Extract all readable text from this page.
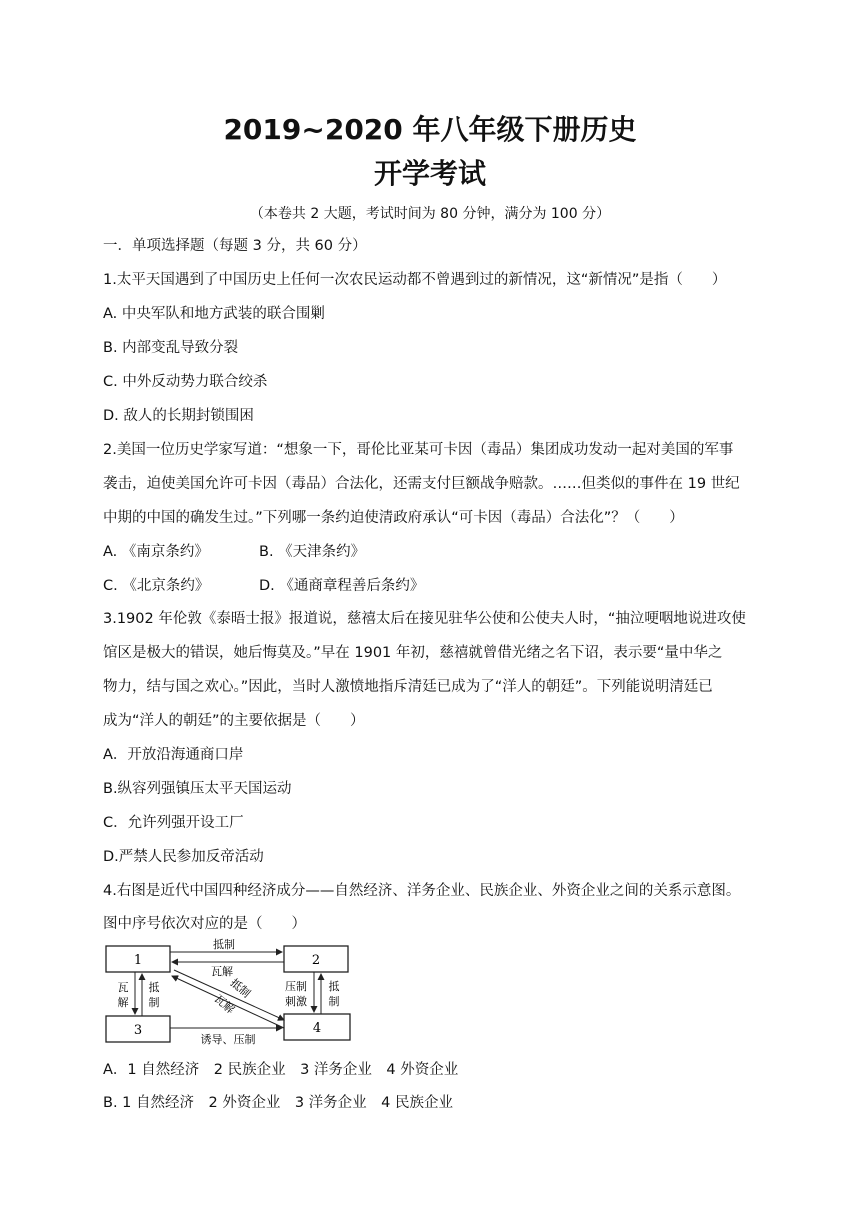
2019~2020 年八年级下册历史
开学考试
（本卷共 2 大题，考试时间为 80 分钟，满分为 100 分）
一．单项选择题（每题 3 分，共 60 分）
1.太平天国遇到了中国历史上任何一次农民运动都不曾遇到过的新情况，这“新情况”是指（　　）
A. 中央军队和地方武装的联合围剿
B. 内部变乱导致分裂
C. 中外反动势力联合绞杀
D. 敌人的长期封锁围困
2.美国一位历史学家写道：“想象一下，哥伦比亚某可卡因（毒品）集团成功发动一起对美国的军事
袭击，迫使美国允许可卡因（毒品）合法化，还需支付巨额战争赔款。……但类似的事件在 19 世纪
中期的中国的确发生过。”下列哪一条约迫使清政府承认“可卡因（毒品）合法化”？（　　）
A. 《南京条约》	B. 《天津条约》
C. 《北京条约》	D. 《通商章程善后条约》
3.1902 年伦敦《泰晤士报》报道说，慈禧太后在接见驻华公使和公使夫人时，“抽泣哽咽地说进攻使
馆区是极大的错误，她后悔莫及。”早在 1901 年初，慈禧就曾借光绪之名下诏，表示要“量中华之
物力，结与国之欢心。”因此，当时人激愤地指斥清廷已成为了“洋人的朝廷”。下列能说明清廷已
成为“洋人的朝廷”的主要依据是（　　）
A．开放沿海通商口岸
B.纵容列强镇压太平天国运动
C．允许列强开设工厂
D.严禁人民参加反帝活动
4.右图是近代中国四种经济成分——自然经济、洋务企业、民族企业、外资企业之间的关系示意图。
图中序号依次对应的是（　　）
1	2
3	4
抵制
瓦解
瓦
解
抵
制
抵制
瓦解
压制
刺激
抵
制
诱导、压制
A．1 自然经济　2 民族企业　3 洋务企业　4 外资企业
B. 1 自然经济　2 外资企业　3 洋务企业　4 民族企业
